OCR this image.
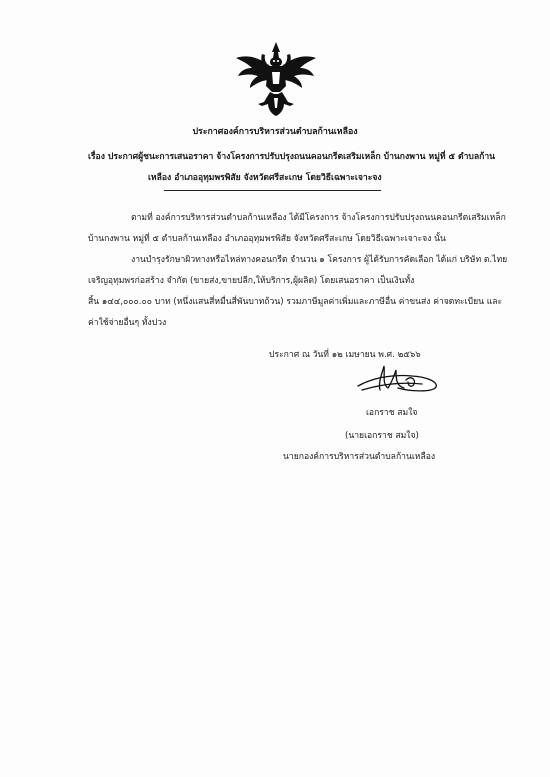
ประกาศองค์การบริหารส่วนตำบลก้านเหลือง
เรื่อง ประกาศผู้ชนะการเสนอราคา จ้างโครงการปรับปรุงถนนคอนกรีตเสริมเหล็ก บ้านกงพาน หมู่ที่ ๕ ตำบลก้าน
เหลือง อำเภออุทุมพรพิสัย จังหวัดศรีสะเกษ โดยวิธีเฉพาะเจาะจง
ตามที่ องค์การบริหารส่วนตำบลก้านเหลือง ได้มีโครงการ จ้างโครงการปรับปรุงถนนคอนกรีตเสริมเหล็ก
บ้านกงพาน หมู่ที่ ๕ ตำบลก้านเหลือง อำเภออุทุมพรพิสัย จังหวัดศรีสะเกษ โดยวิธีเฉพาะเจาะจง นั้น
งานบำรุงรักษาผิวทางหรือไหล่ทางคอนกรีต จำนวน ๑ โครงการ ผู้ได้รับการคัดเลือก ได้แก่ บริษัท ต.ไทย
เจริญอุทุมพรก่อสร้าง จำกัด (ขายส่ง,ขายปลีก,ให้บริการ,ผู้ผลิต) โดยเสนอราคา เป็นเงินทั้ง
สิ้น ๑๔๔,๐๐๐.๐๐ บาท (หนึ่งแสนสี่หมื่นสี่พันบาทถ้วน) รวมภาษีมูลค่าเพิ่มและภาษีอื่น ค่าขนส่ง ค่าจดทะเบียน และ
ค่าใช้จ่ายอื่นๆ ทั้งปวง
ประกาศ ณ วันที่ ๑๒ เมษายน พ.ศ. ๒๕๖๖
เอกราช สมใจ
(นายเอกราช สมใจ)
นายกองค์การบริหารส่วนตำบลก้านเหลือง
